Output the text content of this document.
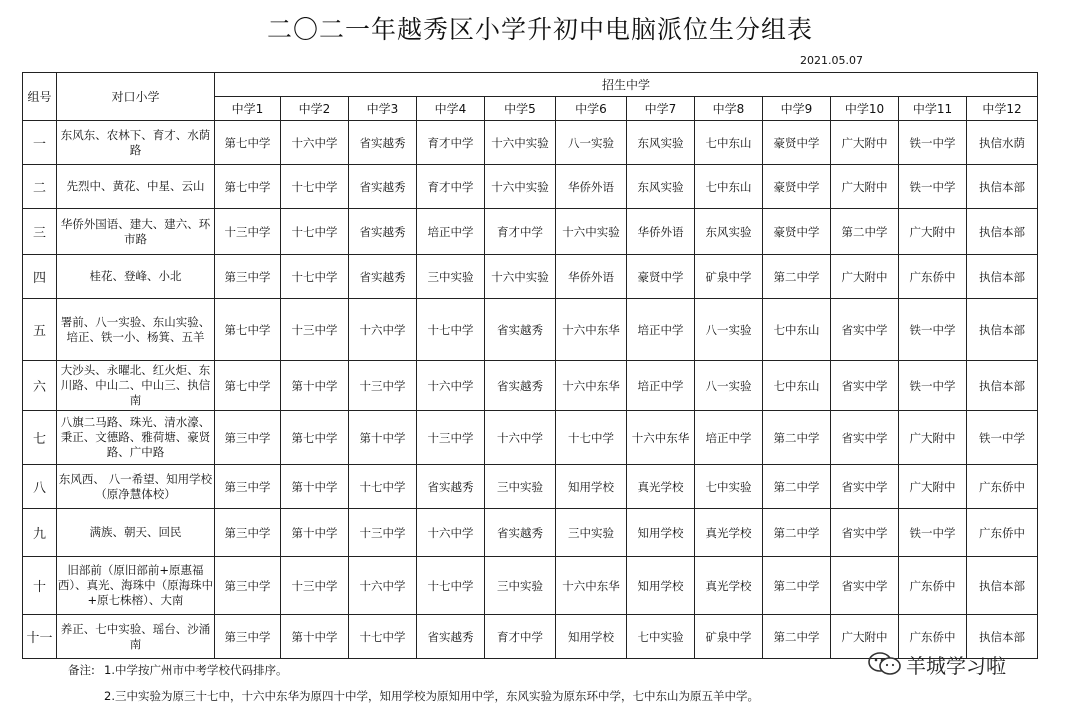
二〇二一年越秀区小学升初中电脑派位生分组表
2021.05.07
组号	对口小学	招生中学											
		中学1	中学2	中学3	中学4	中学5	中学6	中学7	中学8	中学9	中学10	中学11	中学12
一	东风东、农林下、育才、水荫路	第七中学	十六中学	省实越秀	育才中学	十六中实验	八一实验	东风实验	七中东山	豪贤中学	广大附中	铁一中学	执信水荫
二	先烈中、黄花、中星、云山	第七中学	十七中学	省实越秀	育才中学	十六中实验	华侨外语	东风实验	七中东山	豪贤中学	广大附中	铁一中学	执信本部
三	华侨外国语、建大、建六、环市路	十三中学	十七中学	省实越秀	培正中学	育才中学	十六中实验	华侨外语	东风实验	豪贤中学	第二中学	广大附中	执信本部
四	桂花、登峰、小北	第三中学	十七中学	省实越秀	三中实验	十六中实验	华侨外语	豪贤中学	矿泉中学	第二中学	广大附中	广东侨中	执信本部
五	署前、八一实验、东山实验、培正、铁一小、杨箕、五羊	第七中学	十三中学	十六中学	十七中学	省实越秀	十六中东华	培正中学	八一实验	七中东山	省实中学	铁一中学	执信本部
六	大沙头、永曜北、红火炬、东川路、中山二、中山三、执信南	第七中学	第十中学	十三中学	十六中学	省实越秀	十六中东华	培正中学	八一实验	七中东山	省实中学	铁一中学	执信本部
七	八旗二马路、珠光、清水濠、秉正、文德路、雅荷塘、豪贤路、广中路	第三中学	第七中学	第十中学	十三中学	十六中学	十七中学	十六中东华	培正中学	第二中学	省实中学	广大附中	铁一中学
八	东风西、 八一希望、知用学校（原净慧体校）	第三中学	第十中学	十七中学	省实越秀	三中实验	知用学校	真光学校	七中实验	第二中学	省实中学	广大附中	广东侨中
九	满族、朝天、回民	第三中学	第十中学	十三中学	十六中学	省实越秀	三中实验	知用学校	真光学校	第二中学	省实中学	铁一中学	广东侨中
十	旧部前（原旧部前+原惠福西）、真光、海珠中（原海珠中+原七株榕）、大南	第三中学	十三中学	十六中学	十七中学	三中实验	十六中东华	知用学校	真光学校	第二中学	省实中学	广东侨中	执信本部
十一	养正、七中实验、瑶台、沙涌南	第三中学	第十中学	十七中学	省实越秀	育才中学	知用学校	七中实验	矿泉中学	第二中学	广大附中	广东侨中	执信本部
备注: 1.中学按广州市中考学校代码排序。
2.三中实验为原三十七中，十六中东华为原四十中学，知用学校为原知用中学，东风实验为原东环中学，七中东山为原五羊中学。
羊城学习啦
